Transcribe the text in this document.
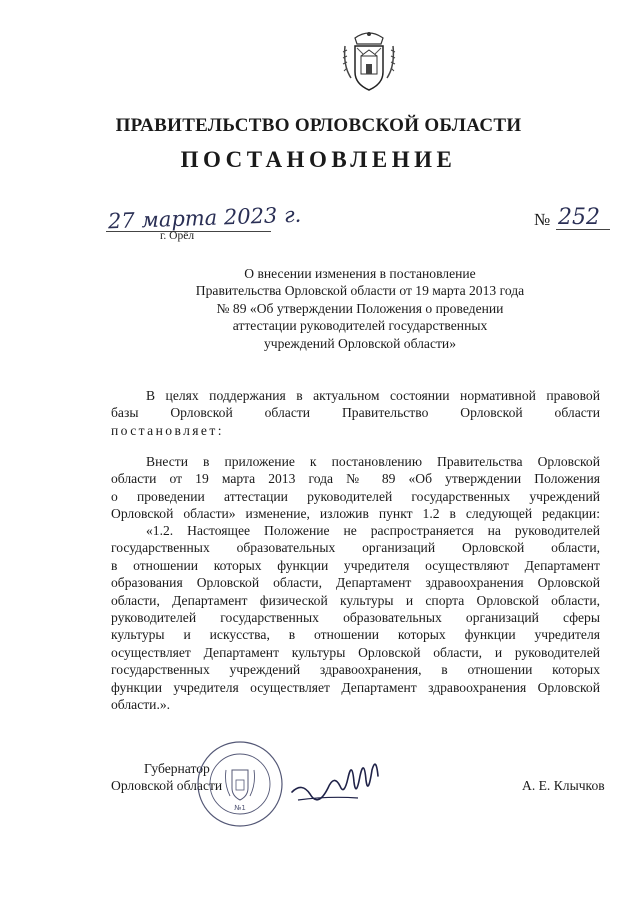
ПРАВИТЕЛЬСТВО ОРЛОВСКОЙ ОБЛАСТИ
ПОСТАНОВЛЕНИЕ
27 марта 2023 г.
г. Орёл
№ 252
О внесении изменения в постановление
Правительства Орловской области от 19 марта 2013 года
№ 89 «Об утверждении Положения о проведении
аттестации руководителей государственных
учреждений Орловской области»
В целях поддержания в актуальном состоянии нормативной правовой
базы Орловской области Правительство Орловской области
постановляет:
Внести в приложение к постановлению Правительства Орловской
области от 19 марта 2013 года № 89 «Об утверждении Положения
о проведении аттестации руководителей государственных учреждений
Орловской области» изменение, изложив пункт 1.2 в следующей редакции:
«1.2. Настоящее Положение не распространяется на руководителей
государственных образовательных организаций Орловской области,
в отношении которых функции учредителя осуществляют Департамент
образования Орловской области, Департамент здравоохранения Орловской
области, Департамент физической культуры и спорта Орловской области,
руководителей государственных образовательных организаций сферы
культуры и искусства, в отношении которых функции учредителя
осуществляет Департамент культуры Орловской области, и руководителей
государственных учреждений здравоохранения, в отношении которых
функции учредителя осуществляет Департамент здравоохранения Орловской
области.».
Губернатор
Орловской области
№1
А. Е. Клычков
